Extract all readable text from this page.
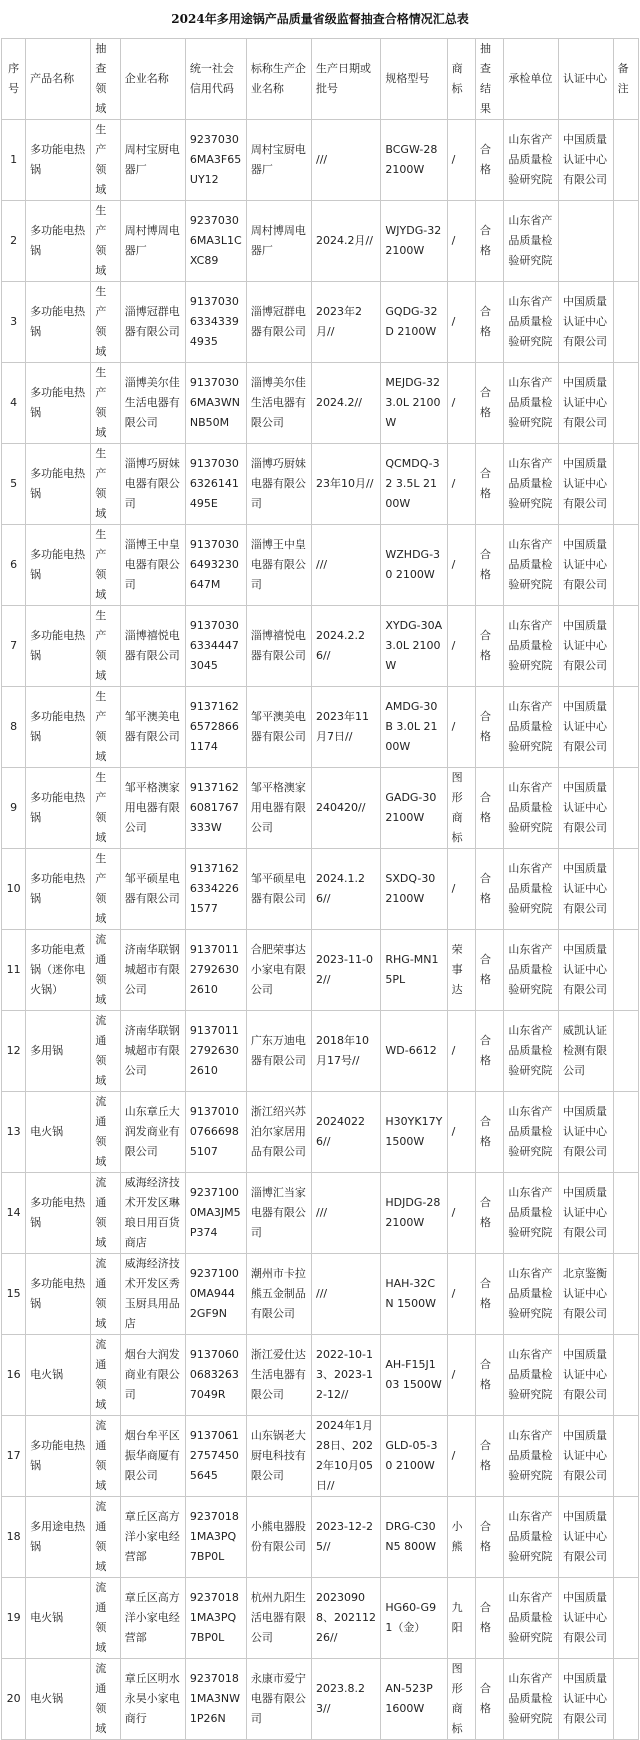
2024年多用途锅产品质量省级监督抽查合格情况汇总表
序号	产品名称	抽查领域	企业名称	统一社会信用代码	标称生产企业名称	生产日期或批号	规格型号	商标	抽查结果	承检单位	认证中心	备注
1	多功能电热锅	生产领域	周村宝厨电器厂	92370306MA3F65UY12	周村宝厨电器厂	///	BCGW-28 2100W	/	合格	山东省产品质量检验研究院	中国质量认证中心有限公司	
2	多功能电热锅	生产领域	周村博周电器厂	92370306MA3L1CXC89	周村博周电器厂	2024.2月//	WJYDG-32 2100W	/	合格	山东省产品质量检验研究院		
3	多功能电热锅	生产领域	淄博冠群电器有限公司	913703063343394935	淄博冠群电器有限公司	2023年2月//	GQDG-32D 2100W	/	合格	山东省产品质量检验研究院	中国质量认证中心有限公司	
4	多功能电热锅	生产领域	淄博美尔佳生活电器有限公司	91370306MA3WNNB50M	淄博美尔佳生活电器有限公司	2024.2//	MEJDG-32 3.0L 2100W	/	合格	山东省产品质量检验研究院	中国质量认证中心有限公司	
5	多功能电热锅	生产领域	淄博巧厨妹电器有限公司	91370306326141495E	淄博巧厨妹电器有限公司	23年10月//	QCMDQ-32 3.5L 2100W	/	合格	山东省产品质量检验研究院	中国质量认证中心有限公司	
6	多功能电热锅	生产领域	淄博王中皇电器有限公司	91370306493230647M	淄博王中皇电器有限公司	///	WZHDG-30 2100W	/	合格	山东省产品质量检验研究院	中国质量认证中心有限公司	
7	多功能电热锅	生产领域	淄博禧悦电器有限公司	913703063344473045	淄博禧悦电器有限公司	2024.2.26//	XYDG-30A 3.0L 2100W	/	合格	山东省产品质量检验研究院	中国质量认证中心有限公司	
8	多功能电热锅	生产领域	邹平澳美电器有限公司	913716265728661174	邹平澳美电器有限公司	2023年11月7日//	AMDG-30B 3.0L 2100W	/	合格	山东省产品质量检验研究院	中国质量认证中心有限公司	
9	多功能电热锅	生产领域	邹平格澳家用电器有限公司	91371626081767333W	邹平格澳家用电器有限公司	240420//	GADG-30 2100W	图形商标	合格	山东省产品质量检验研究院	中国质量认证中心有限公司	
10	多功能电热锅	生产领域	邹平硕星电器有限公司	913716263342261577	邹平硕星电器有限公司	2024.1.26//	SXDQ-30 2100W	/	合格	山东省产品质量检验研究院	中国质量认证中心有限公司	
11	多功能电煮锅（迷你电火锅）	流通领域	济南华联钢城超市有限公司	913701127926302610	合肥荣事达小家电有限公司	2023-11-02//	RHG-MN15PL	荣事达	合格	山东省产品质量检验研究院	中国质量认证中心有限公司	
12	多用锅	流通领域	济南华联钢城超市有限公司	913701127926302610	广东万迪电器有限公司	2018年10月17号//	WD-6612	/	合格	山东省产品质量检验研究院	威凯认证检测有限公司	
13	电火锅	流通领域	山东章丘大润发商业有限公司	913701007666985107	浙江绍兴苏泊尔家居用品有限公司	20240226//	H30YK17Y 1500W	/	合格	山东省产品质量检验研究院	中国质量认证中心有限公司	
14	多功能电热锅	流通领域	威海经济技术开发区琳琅日用百货商店	92371000MA3JM5P374	淄博汇当家电器有限公司	///	HDJDG-28 2100W	/	合格	山东省产品质量检验研究院	中国质量认证中心有限公司	
15	多功能电热锅	流通领域	威海经济技术开发区秀玉厨具用品店	92371000MA9442GF9N	潮州市卡拉熊五金制品有限公司	///	HAH-32CN 1500W	/	合格	山东省产品质量检验研究院	北京鉴衡认证中心有限公司	
16	电火锅	流通领域	烟台大润发商业有限公司	913706006832637049R	浙江爱仕达生活电器有限公司	2022-10-13、2023-12-12//	AH-F15J103 1500W	/	合格	山东省产品质量检验研究院	中国质量认证中心有限公司	
17	多功能电热锅	流通领域	烟台牟平区振华商厦有限公司	913706127574505645	山东锅老大厨电科技有限公司	2024年1月28日、2022年10月05日//	GLD-05-30 2100W	/	合格	山东省产品质量检验研究院	中国质量认证中心有限公司	
18	多用途电热锅	流通领域	章丘区高方洋小家电经营部	92370181MA3PQ7BP0L	小熊电器股份有限公司	2023-12-25//	DRG-C30N5 800W	小熊	合格	山东省产品质量检验研究院	中国质量认证中心有限公司	
19	电火锅	流通领域	章丘区高方洋小家电经营部	92370181MA3PQ7BP0L	杭州九阳生活电器有限公司	20230908、20211226//	HG60-G91（金）	九阳	合格	山东省产品质量检验研究院	中国质量认证中心有限公司	
20	电火锅	流通领域	章丘区明水永昊小家电商行	92370181MA3NW1P26N	永康市爱宁电器有限公司	2023.8.23//	AN-523P 1600W	图形商标	合格	山东省产品质量检验研究院	中国质量认证中心有限公司	
